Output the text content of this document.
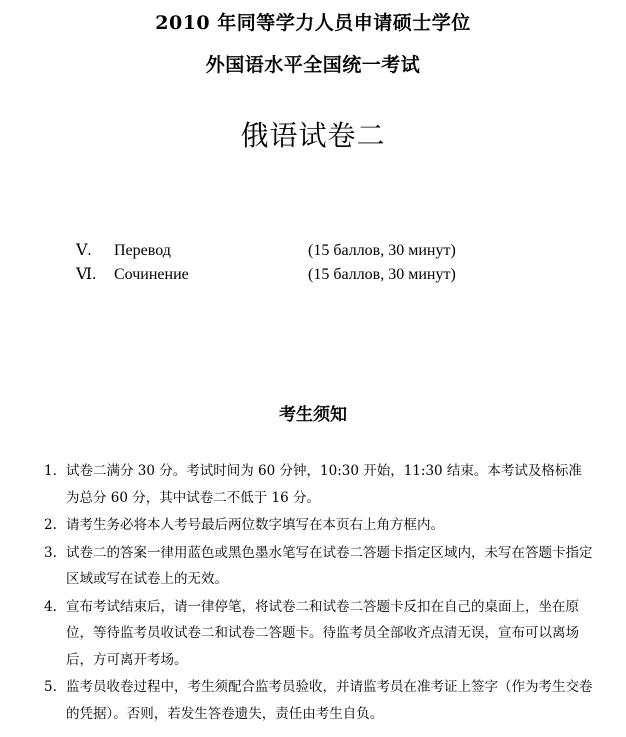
2010 年同等学力人员申请硕士学位
外国语水平全国统一考试
俄语试卷二
Ⅴ. Перевод	(15 баллов, 30 минут)
Ⅵ. Сочинение	(15 баллов, 30 минут)
考生须知
1. 试卷二满分 30 分。考试时间为 60 分钟，10:30 开始，11:30 结束。本考试及格标准为总分 60 分，其中试卷二不低于 16 分。
2. 请考生务必将本人考号最后两位数字填写在本页右上角方框内。
3. 试卷二的答案一律用蓝色或黑色墨水笔写在试卷二答题卡指定区域内，未写在答题卡指定区域或写在试卷上的无效。
4. 宣布考试结束后，请一律停笔，将试卷二和试卷二答题卡反扣在自己的桌面上，坐在原位，等待监考员收试卷二和试卷二答题卡。待监考员全部收齐点清无误，宣布可以离场后，方可离开考场。
5. 监考员收卷过程中，考生须配合监考员验收，并请监考员在准考证上签字（作为考生交卷的凭据）。否则，若发生答卷遗失，责任由考生自负。
